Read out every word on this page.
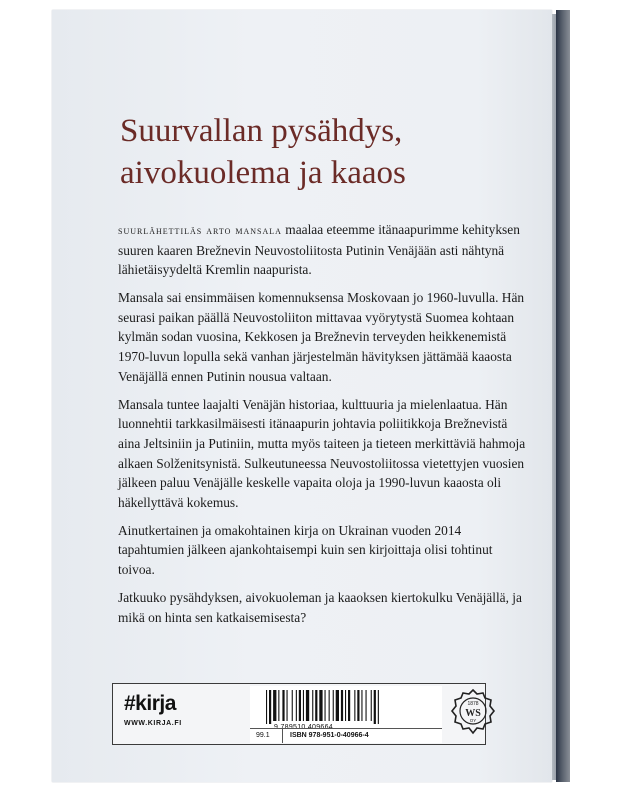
Suurvallan pysähdys,
aivokuolema ja kaaos

suurlähettiläs arto mansala maalaa eteemme itänaapurimme kehityksen suuren kaaren Brežnevin Neuvostoliitosta Putinin Venäjään asti nähtynä lähietäisyydeltä Kremlin naapurista.

Mansala sai ensimmäisen komennuksensa Moskovaan jo 1960-luvulla. Hän seurasi paikan päällä Neuvostoliiton mittavaa vyörytystä Suomea kohtaan kylmän sodan vuosina, Kekkosen ja Brežnevin terveyden heikkenemistä 1970-luvun lopulla sekä vanhan järjestelmän hävityksen jättämää kaaosta Venäjällä ennen Putinin nousua valtaan.

Mansala tuntee laajalti Venäjän historiaa, kulttuuria ja mielenlaatua. Hän luonnehtii tarkkasilmäisesti itänaapurin johtavia poliitikkoja Brežnevistä aina Jeltsiniin ja Putiniin, mutta myös taiteen ja tieteen merkittäviä hahmoja alkaen Solženitsynistä. Sulkeutuneessa Neuvostoliitossa vietettyjen vuosien jälkeen paluu Venäjälle keskelle vapaita oloja ja 1990-luvun kaaosta oli häkellyttävä kokemus.

Ainutkertainen ja omakohtainen kirja on Ukrainan vuoden 2014 tapahtumien jälkeen ajankohtaisempi kuin sen kirjoittaja olisi tohtinut toivoa.

Jatkuuko pysähdyksen, aivokuoleman ja kaaoksen kiertokulku Venäjällä, ja mikä on hinta sen katkaisemisesta?

#kirja
WWW.KIRJA.FI
99.1	ISBN 978-951-0-40966-4
1878
WS
OY
